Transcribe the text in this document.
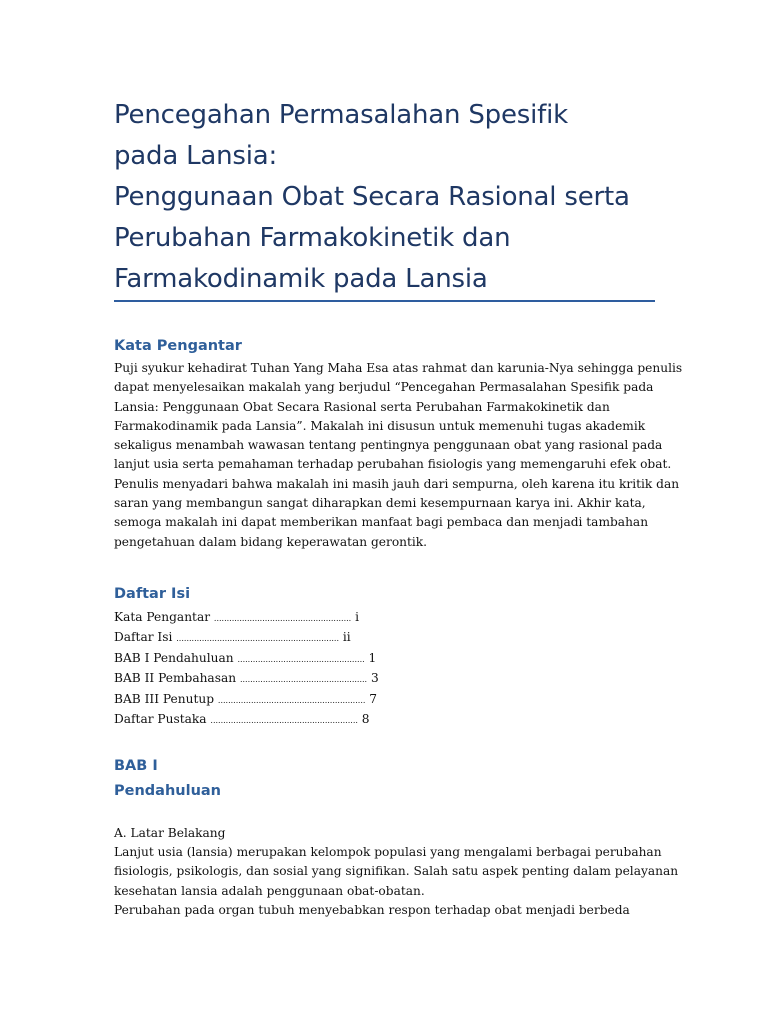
Pencegahan Permasalahan Spesifik
pada Lansia:
Penggunaan Obat Secara Rasional serta
Perubahan Farmakokinetik dan
Farmakodinamik pada Lansia
Kata Pengantar

Puji syukur kehadirat Tuhan Yang Maha Esa atas rahmat dan karunia-Nya sehingga penulis
dapat menyelesaikan makalah yang berjudul “Pencegahan Permasalahan Spesifik pada
Lansia: Penggunaan Obat Secara Rasional serta Perubahan Farmakokinetik dan
Farmakodinamik pada Lansia”. Makalah ini disusun untuk memenuhi tugas akademik
sekaligus menambah wawasan tentang pentingnya penggunaan obat yang rasional pada
lanjut usia serta pemahaman terhadap perubahan fisiologis yang memengaruhi efek obat.
Penulis menyadari bahwa makalah ini masih jauh dari sempurna, oleh karena itu kritik dan
saran yang membangun sangat diharapkan demi kesempurnaan karya ini. Akhir kata,
semoga makalah ini dapat memberikan manfaat bagi pembaca dan menjadi tambahan
pengetahuan dalam bidang keperawatan gerontik.

Daftar Isi
Kata Pengantar ...................................................... i
Daftar Isi ................................................................ ii
BAB I Pendahuluan .................................................. 1
BAB II Pembahasan .................................................. 3
BAB III Penutup .......................................................... 7
Daftar Pustaka .......................................................... 8
BAB I
Pendahuluan

A. Latar Belakang

Lanjut usia (lansia) merupakan kelompok populasi yang mengalami berbagai perubahan
fisiologis, psikologis, dan sosial yang signifikan. Salah satu aspek penting dalam pelayanan
kesehatan lansia adalah penggunaan obat-obatan.
Perubahan pada organ tubuh menyebabkan respon terhadap obat menjadi berbeda
